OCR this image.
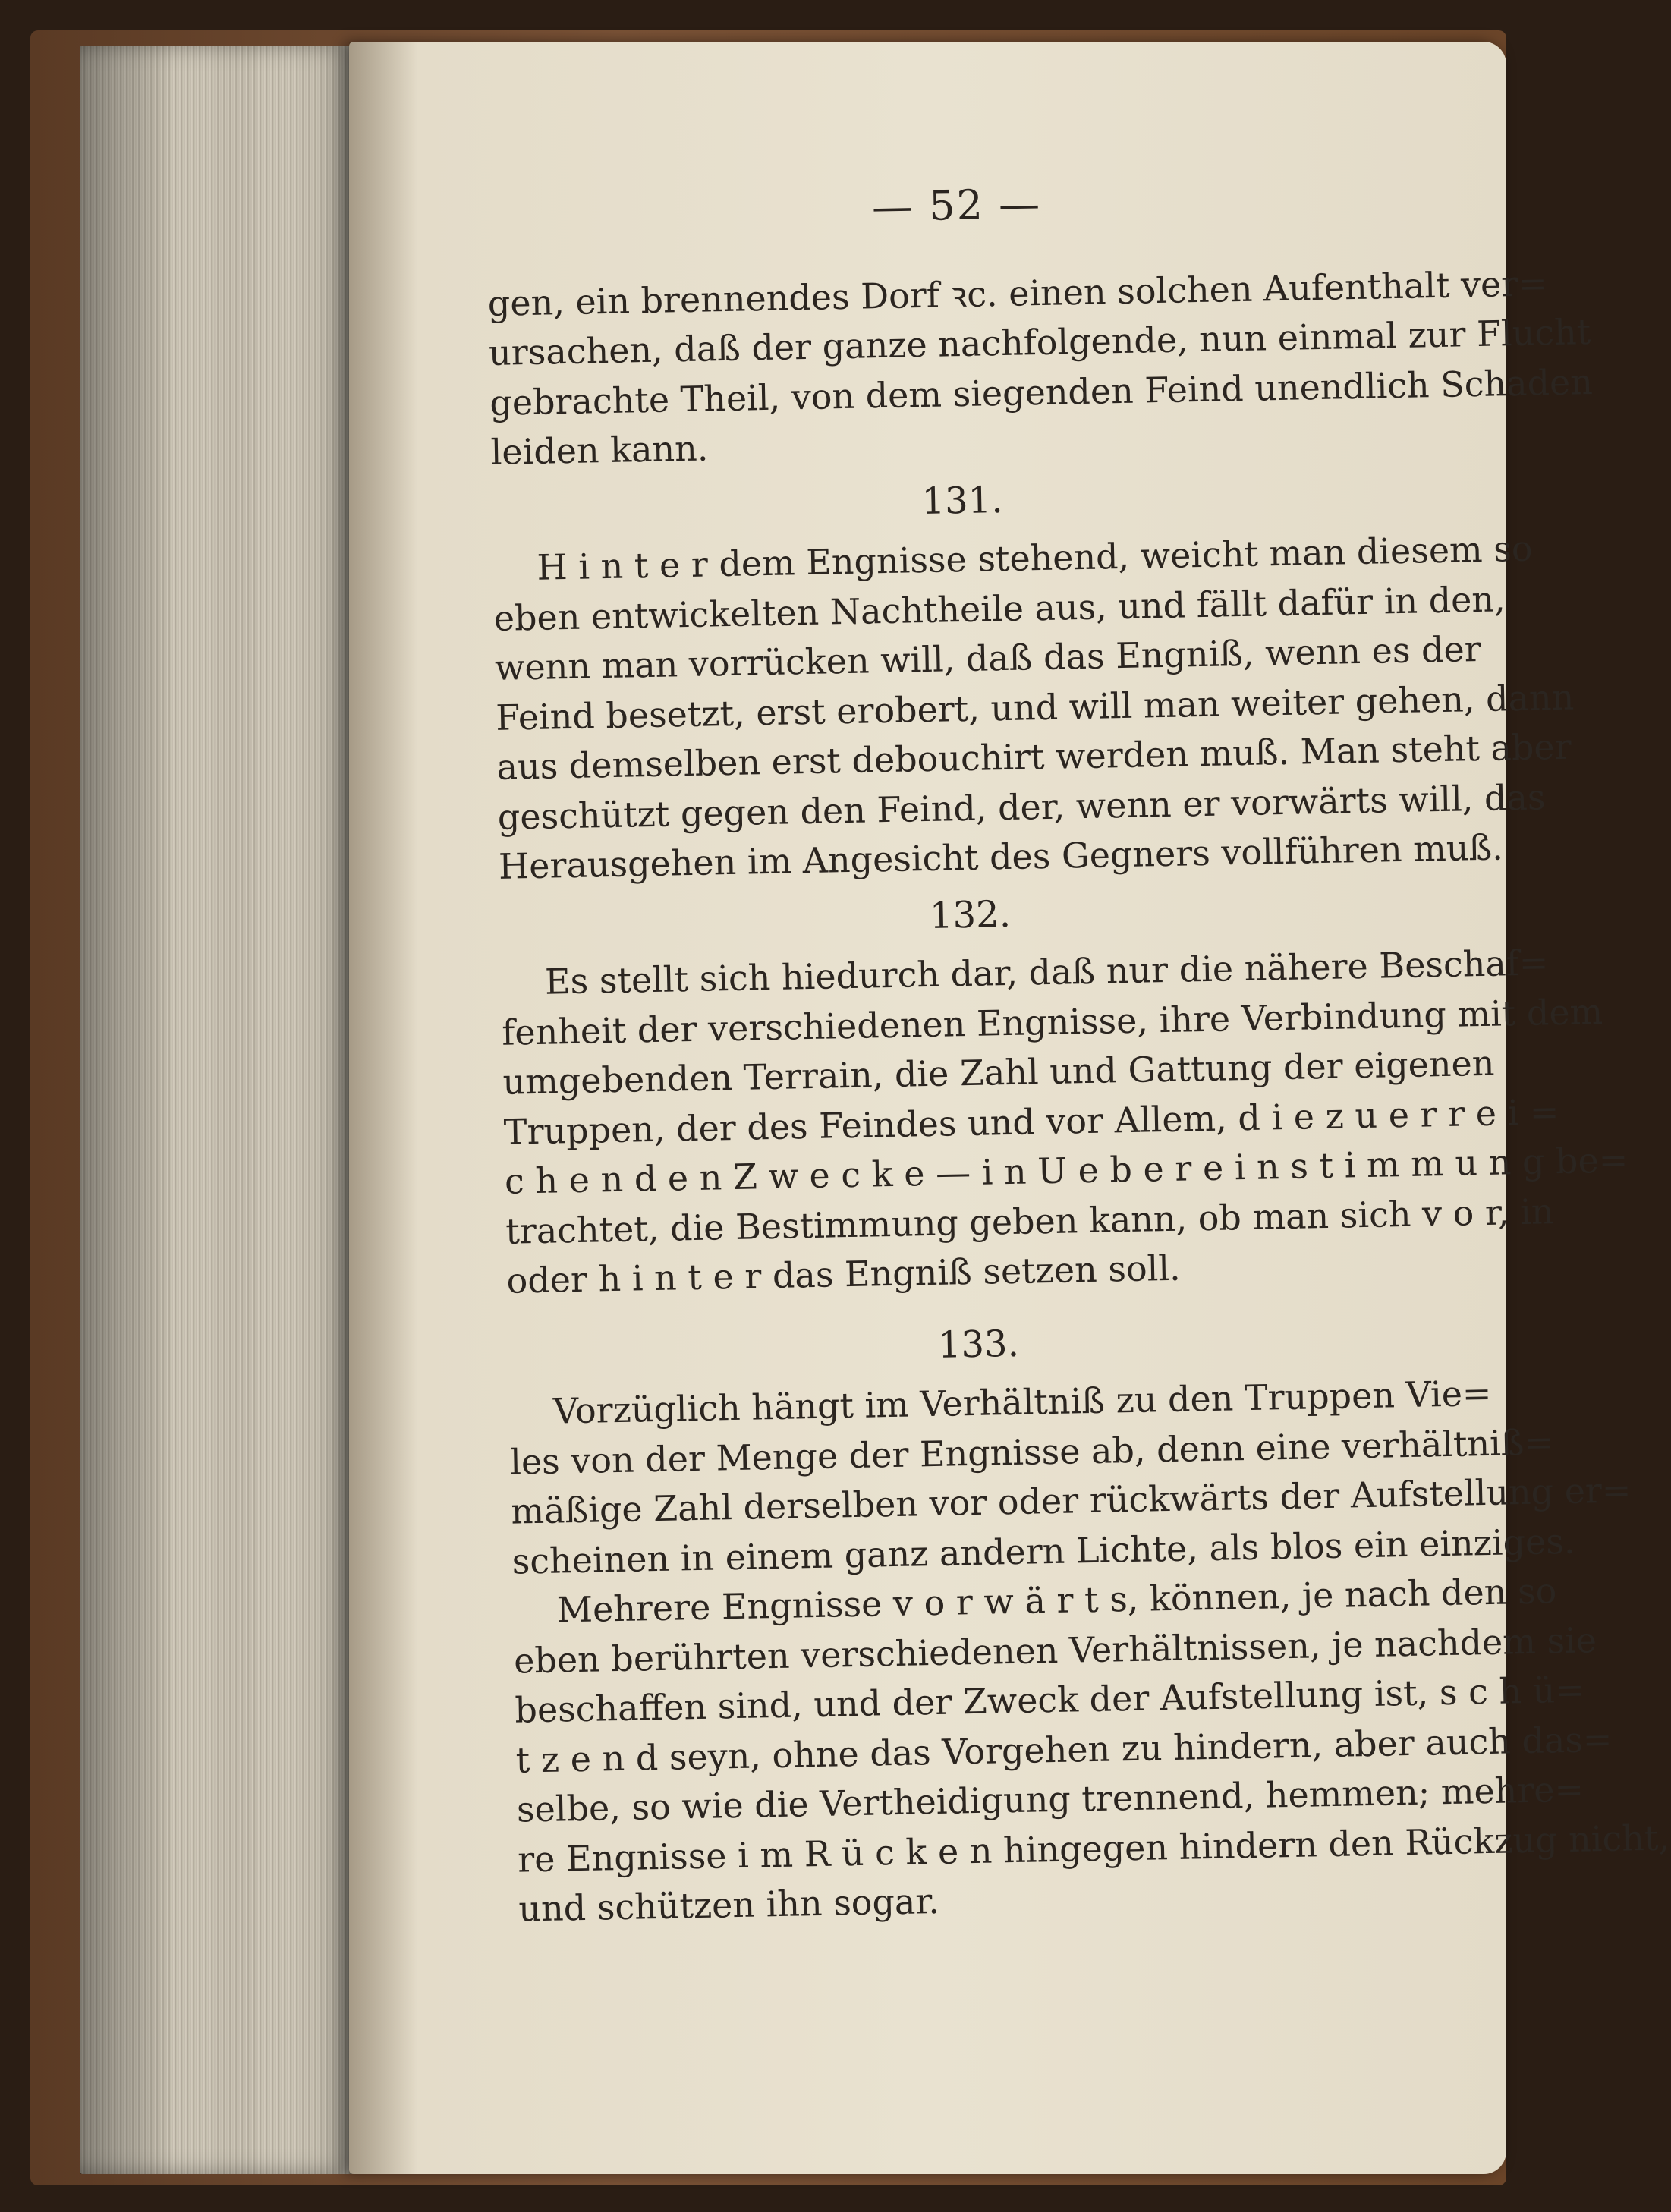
— 52 —
gen, ein brennendes Dorf ꝛc. einen solchen Aufenthalt ver=
ursachen, daß der ganze nachfolgende, nun einmal zur Flucht
gebrachte Theil, von dem siegenden Feind unendlich Schaden
leiden kann.
131.
H i n t e r dem Engnisse stehend, weicht man diesem so
eben entwickelten Nachtheile aus, und fällt dafür in den,
wenn man vorrücken will, daß das Engniß, wenn es der
Feind besetzt, erst erobert, und will man weiter gehen, dann
aus demselben erst debouchirt werden muß. Man steht aber
geschützt gegen den Feind, der, wenn er vorwärts will, das
Herausgehen im Angesicht des Gegners vollführen muß.
132.
Es stellt sich hiedurch dar, daß nur die nähere Beschaf=
fenheit der verschiedenen Engnisse, ihre Verbindung mit dem
umgebenden Terrain, die Zahl und Gattung der eigenen
Truppen, der des Feindes und vor Allem, d i e z u e r r e i =
c h e n d e n Z w e c k e — i n U e b e r e i n s t i m m u n g be=
trachtet, die Bestimmung geben kann, ob man sich v o r, in
oder h i n t e r das Engniß setzen soll.
133.
Vorzüglich hängt im Verhältniß zu den Truppen Vie=
les von der Menge der Engnisse ab, denn eine verhältniß=
mäßige Zahl derselben vor oder rückwärts der Aufstellung er=
scheinen in einem ganz andern Lichte, als blos ein einziges.
Mehrere Engnisse v o r w ä r t s, können, je nach den so
eben berührten verschiedenen Verhältnissen, je nachdem sie
beschaffen sind, und der Zweck der Aufstellung ist, s c h ü=
t z e n d seyn, ohne das Vorgehen zu hindern, aber auch das=
selbe, so wie die Vertheidigung trennend, hemmen; mehre=
re Engnisse i m R ü c k e n hingegen hindern den Rückzug nicht,
und schützen ihn sogar.
